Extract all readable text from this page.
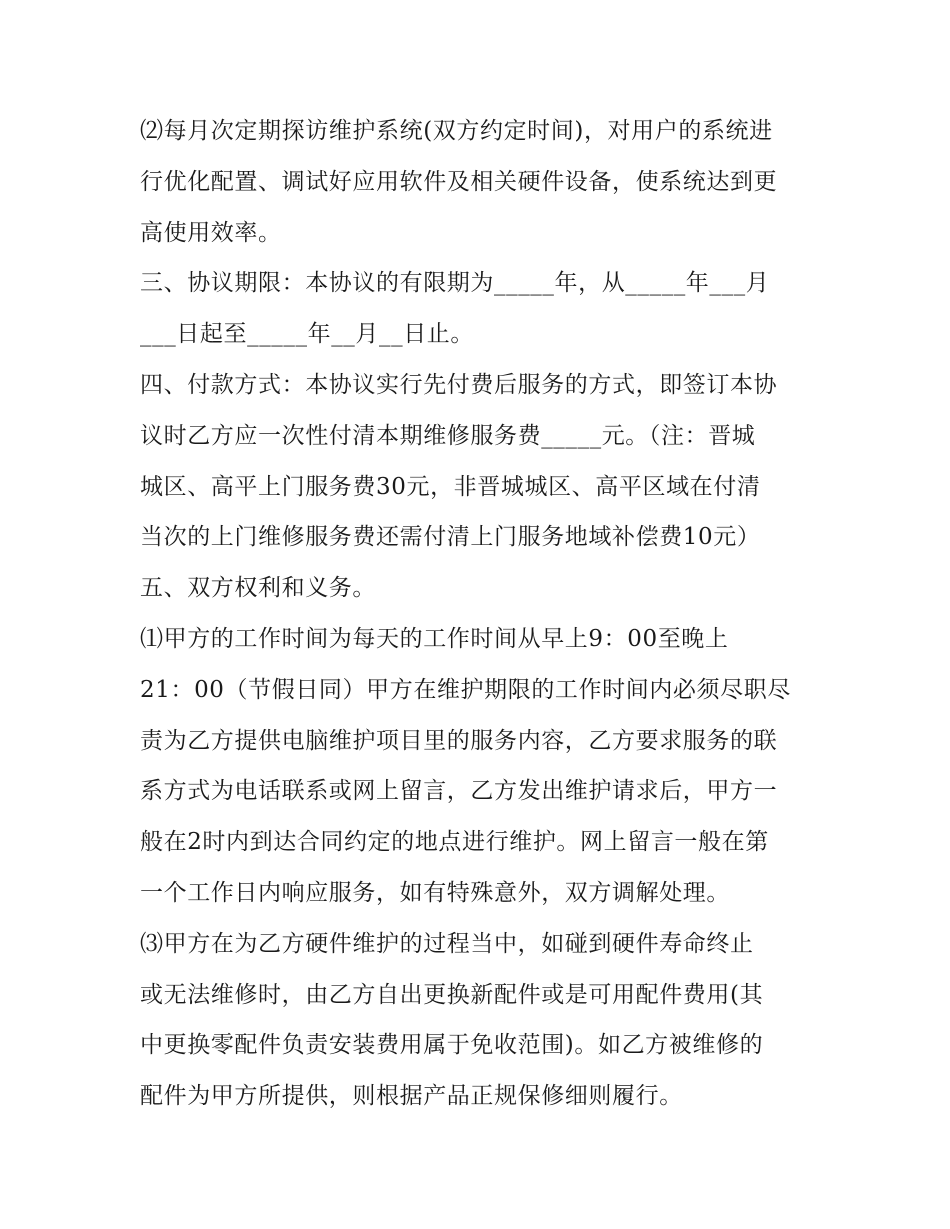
⑵每月次定期探访维护系统(双方约定时间)，对用户的系统进
行优化配置、调试好应用软件及相关硬件设备，使系统达到更
高使用效率。
三、协议期限：本协议的有限期为_____年，从_____年___月
___日起至_____年__月__日止。
四、付款方式：本协议实行先付费后服务的方式，即签订本协
议时乙方应一次性付清本期维修服务费_____元。（注：晋城
城区、高平上门服务费30元，非晋城城区、高平区域在付清
当次的上门维修服务费还需付清上门服务地域补偿费10元）
五、双方权利和义务。
⑴甲方的工作时间为每天的工作时间从早上9：00至晚上
21：00（节假日同）甲方在维护期限的工作时间内必须尽职尽
责为乙方提供电脑维护项目里的服务内容，乙方要求服务的联
系方式为电话联系或网上留言，乙方发出维护请求后，甲方一
般在2时内到达合同约定的地点进行维护。网上留言一般在第
一个工作日内响应服务，如有特殊意外，双方调解处理。
⑶甲方在为乙方硬件维护的过程当中，如碰到硬件寿命终止
或无法维修时，由乙方自出更换新配件或是可用配件费用(其
中更换零配件负责安装费用属于免收范围)。如乙方被维修的
配件为甲方所提供，则根据产品正规保修细则履行。
